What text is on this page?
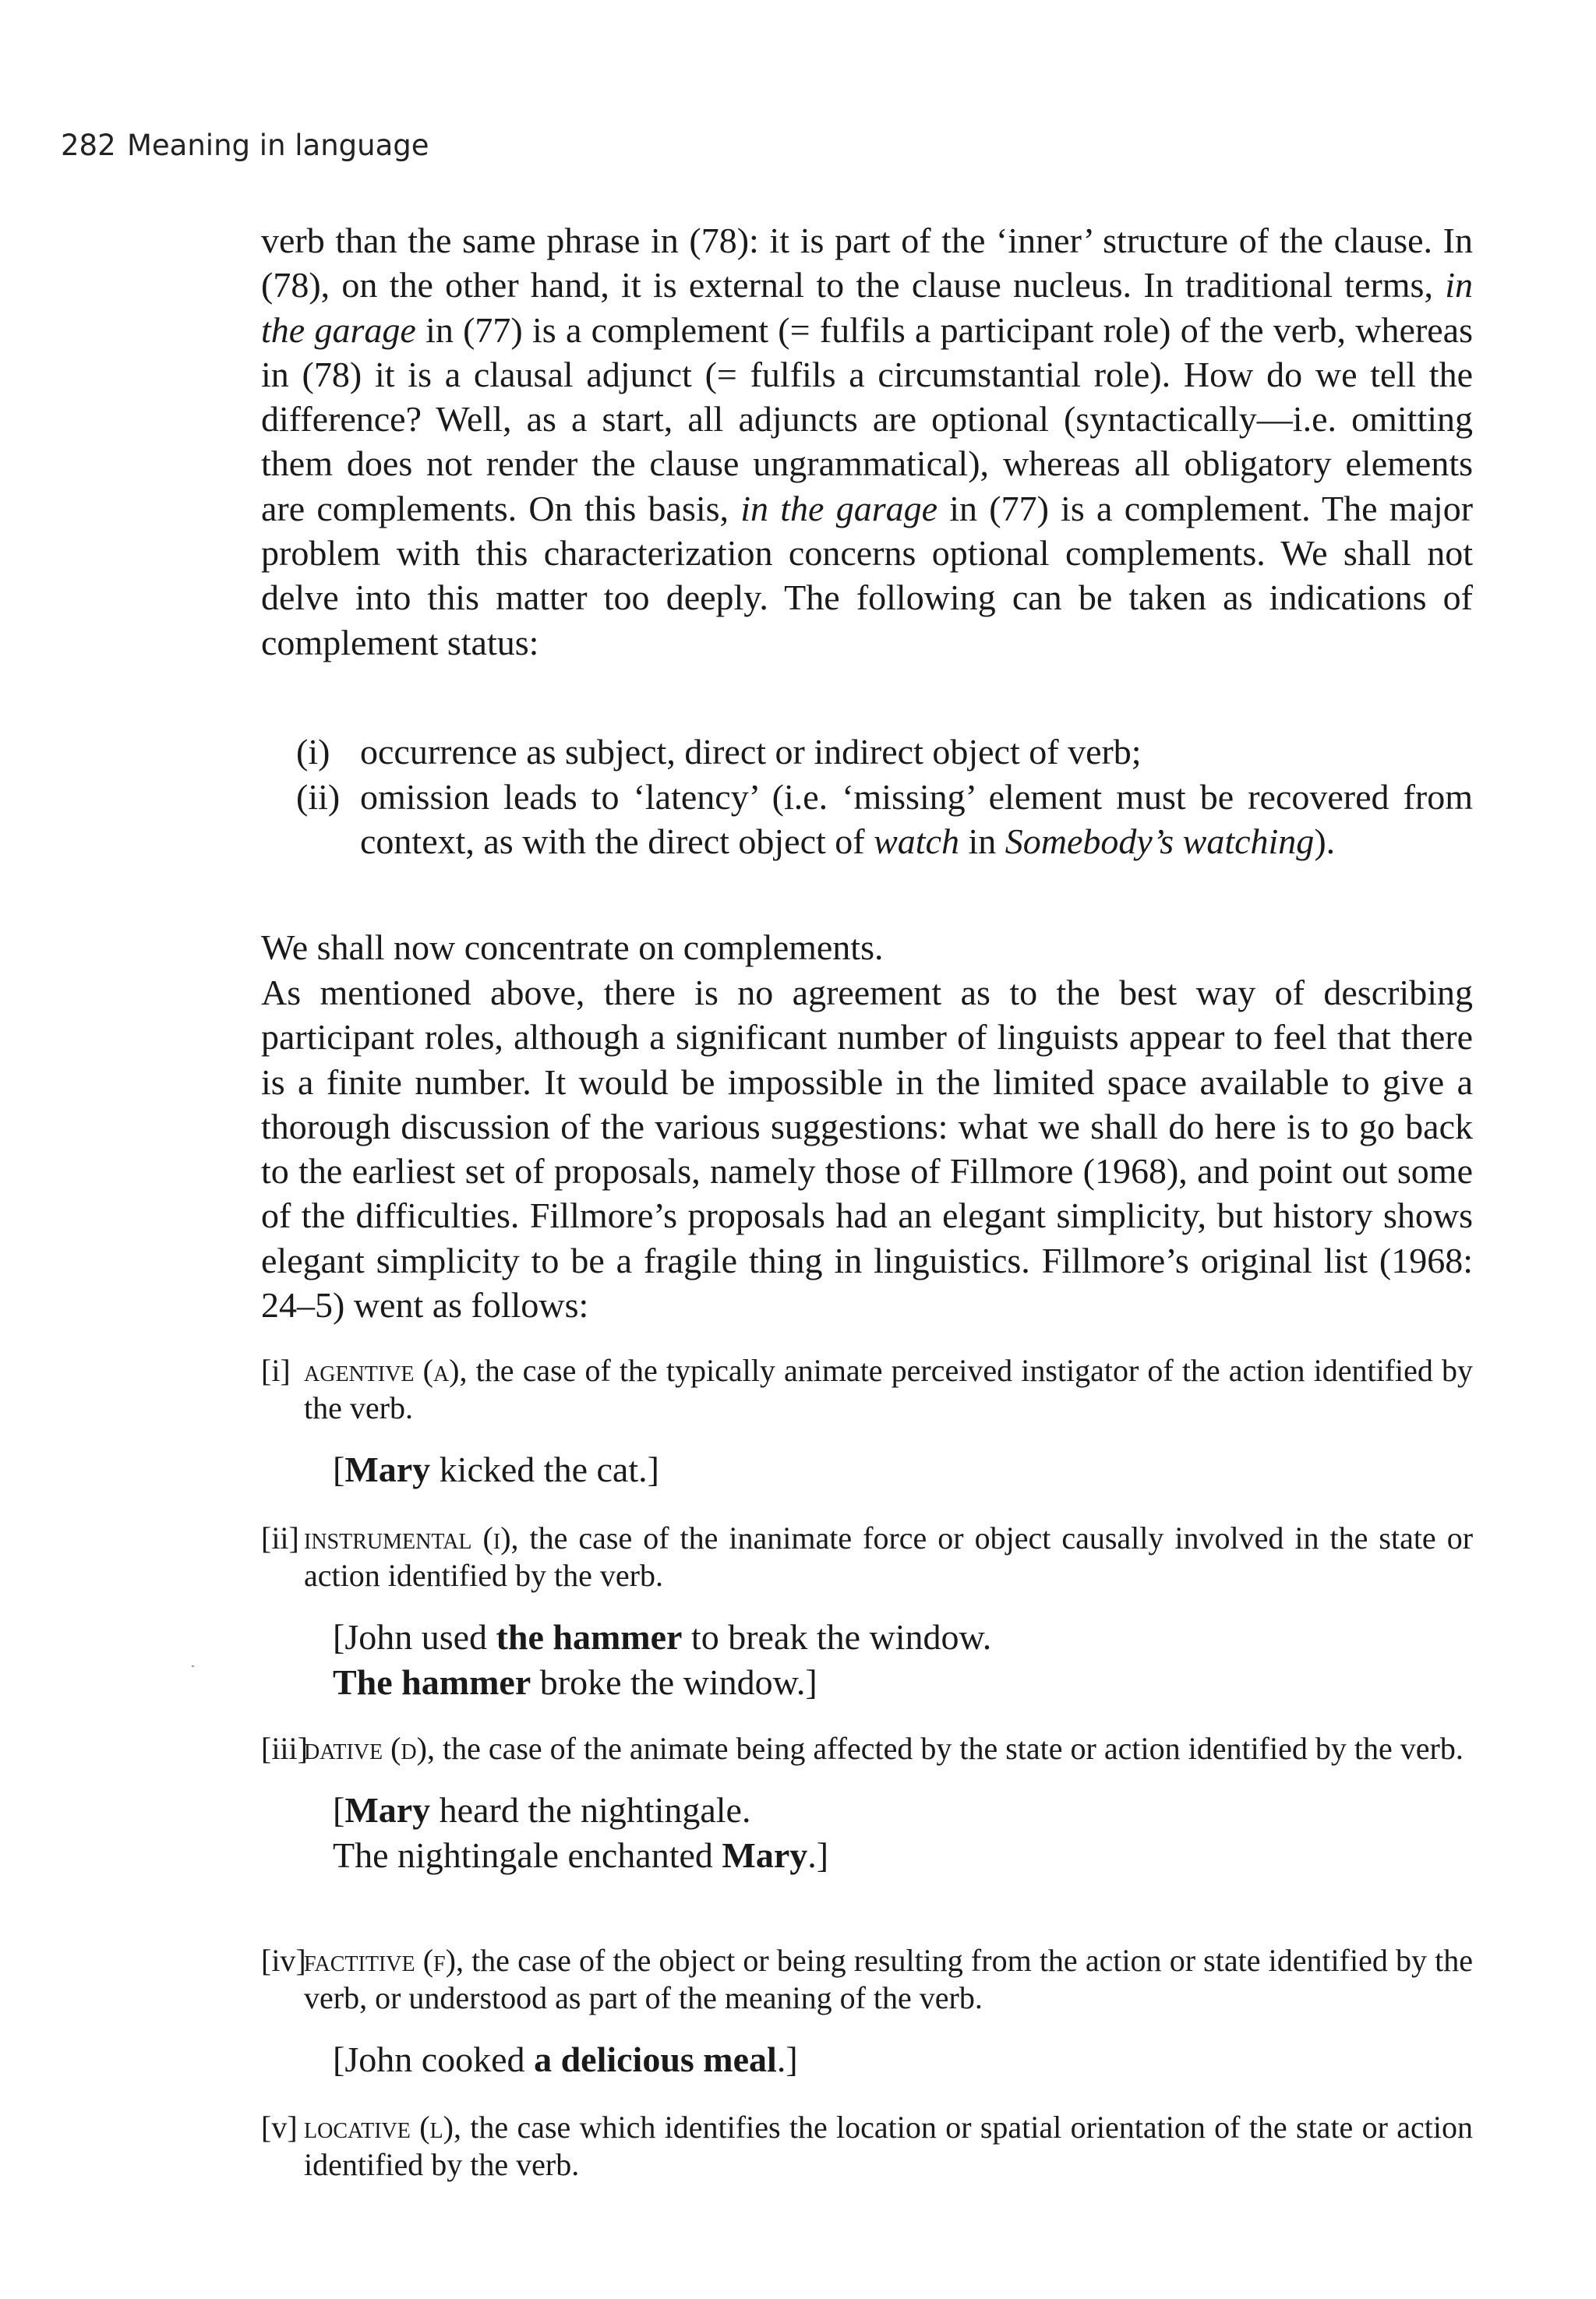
282 Meaning in language

verb than the same phrase in (78): it is part of the ‘inner’ structure of the clause. In (78), on the other hand, it is external to the clause nucleus. In traditional terms, in the garage in (77) is a complement (= fulfils a participant role) of the verb, whereas in (78) it is a clausal adjunct (= fulfils a circumstantial role). How do we tell the difference? Well, as a start, all adjuncts are optional (syntactically—i.e. omitting them does not render the clause ungrammatical), whereas all obligatory elements are complements. On this basis, in the garage in (77) is a complement. The major problem with this characterization concerns optional complements. We shall not delve into this matter too deeply. The following can be taken as indications of complement status:

(i) occurrence as subject, direct or indirect object of verb;
(ii) omission leads to ‘latency’ (i.e. ‘missing’ element must be recovered from context, as with the direct object of watch in Somebody’s watching).

We shall now concentrate on complements.

As mentioned above, there is no agreement as to the best way of describing participant roles, although a significant number of linguists appear to feel that there is a finite number. It would be impossible in the limited space available to give a thorough discussion of the various suggestions: what we shall do here is to go back to the earliest set of proposals, namely those of Fillmore (1968), and point out some of the difficulties. Fillmore’s proposals had an elegant simplicity, but history shows elegant simplicity to be a fragile thing in linguistics. Fillmore’s original list (1968: 24–5) went as follows:

[i] agentive (a), the case of the typically animate perceived instigator of the action identified by the verb.
[Mary kicked the cat.]
[ii] instrumental (i), the case of the inanimate force or object causally involved in the state or action identified by the verb.
[John used the hammer to break the window.
The hammer broke the window.]
[iii]
dative (d), the case of the animate being affected by the state or action identified by the verb.
[Mary heard the nightingale.
The nightingale enchanted Mary.]
[iv]
factitive (f), the case of the object or being resulting from the action or state identified by the verb, or understood as part of the meaning of the verb.
[John cooked a delicious meal.]
[v] locative (l), the case which identifies the location or spatial orientation of the state or action identified by the verb.
